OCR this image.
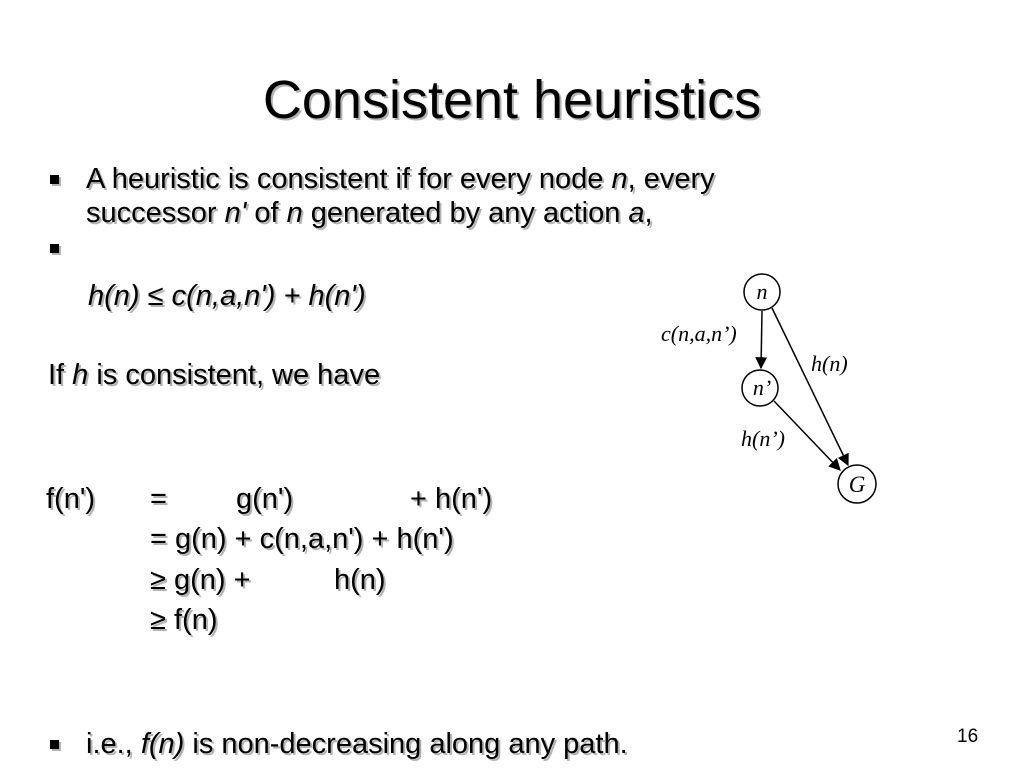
Consistent heuristics
A heuristic is consistent if for every node n, every
successor n' of n generated by any action a,
h(n) ≤ c(n,a,n') + h(n')
If h is consistent, we have
f(n') = g(n')	+ h(n')
= g(n) + c(n,a,n') + h(n')
≥ g(n) +	h(n)
≥ f(n)
i.e., f(n) is non-decreasing along any path.	16
n
n’
G
c(n,a,n’)
h(n)
h(n’)
